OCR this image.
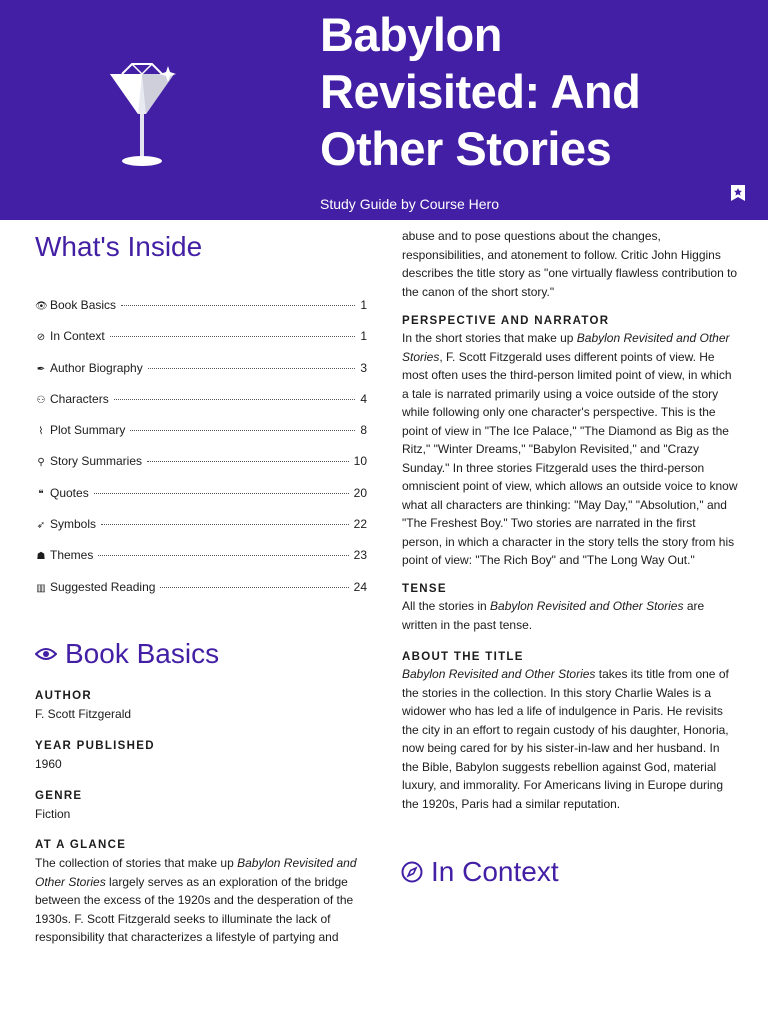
Babylon
Revisited: And
Other Stories
Study Guide by Course Hero
What's Inside
👁 Book Basics	1
⊘ In Context	1
✒ Author Biography	3
⚇ Characters	4
⌇ Plot Summary	8
⚲ Story Summaries	10
❝ Quotes	20
➶ Symbols	22
☗ Themes	23
▥ Suggested Reading	24
Book Basics

AUTHOR

F. Scott Fitzgerald

YEAR PUBLISHED

1960

GENRE

Fiction

AT A GLANCE

The collection of stories that make up Babylon Revisited and Other Stories largely serves as an exploration of the bridge between the excess of the 1920s and the desperation of the 1930s. F. Scott Fitzgerald seeks to illuminate the lack of responsibility that characterizes a lifestyle of partying and

abuse and to pose questions about the changes, responsibilities, and atonement to follow. Critic John Higgins describes the title story as "one virtually flawless contribution to the canon of the short story."

PERSPECTIVE AND NARRATOR

In the short stories that make up Babylon Revisited and Other Stories, F. Scott Fitzgerald uses different points of view. He most often uses the third-person limited point of view, in which a tale is narrated primarily using a voice outside of the story while following only one character's perspective. This is the point of view in "The Ice Palace," "The Diamond as Big as the Ritz," "Winter Dreams," "Babylon Revisited," and "Crazy Sunday." In three stories Fitzgerald uses the third-person omniscient point of view, which allows an outside voice to know what all characters are thinking: "May Day," "Absolution," and "The Freshest Boy." Two stories are narrated in the first person, in which a character in the story tells the story from his point of view: "The Rich Boy" and "The Long Way Out."

TENSE

All the stories in Babylon Revisited and Other Stories are written in the past tense.

ABOUT THE TITLE

Babylon Revisited and Other Stories takes its title from one of the stories in the collection. In this story Charlie Wales is a widower who has led a life of indulgence in Paris. He revisits the city in an effort to regain custody of his daughter, Honoria, now being cared for by his sister-in-law and her husband. In the Bible, Babylon suggests rebellion against God, material luxury, and immorality. For Americans living in Europe during the 1920s, Paris had a similar reputation.

In Context
